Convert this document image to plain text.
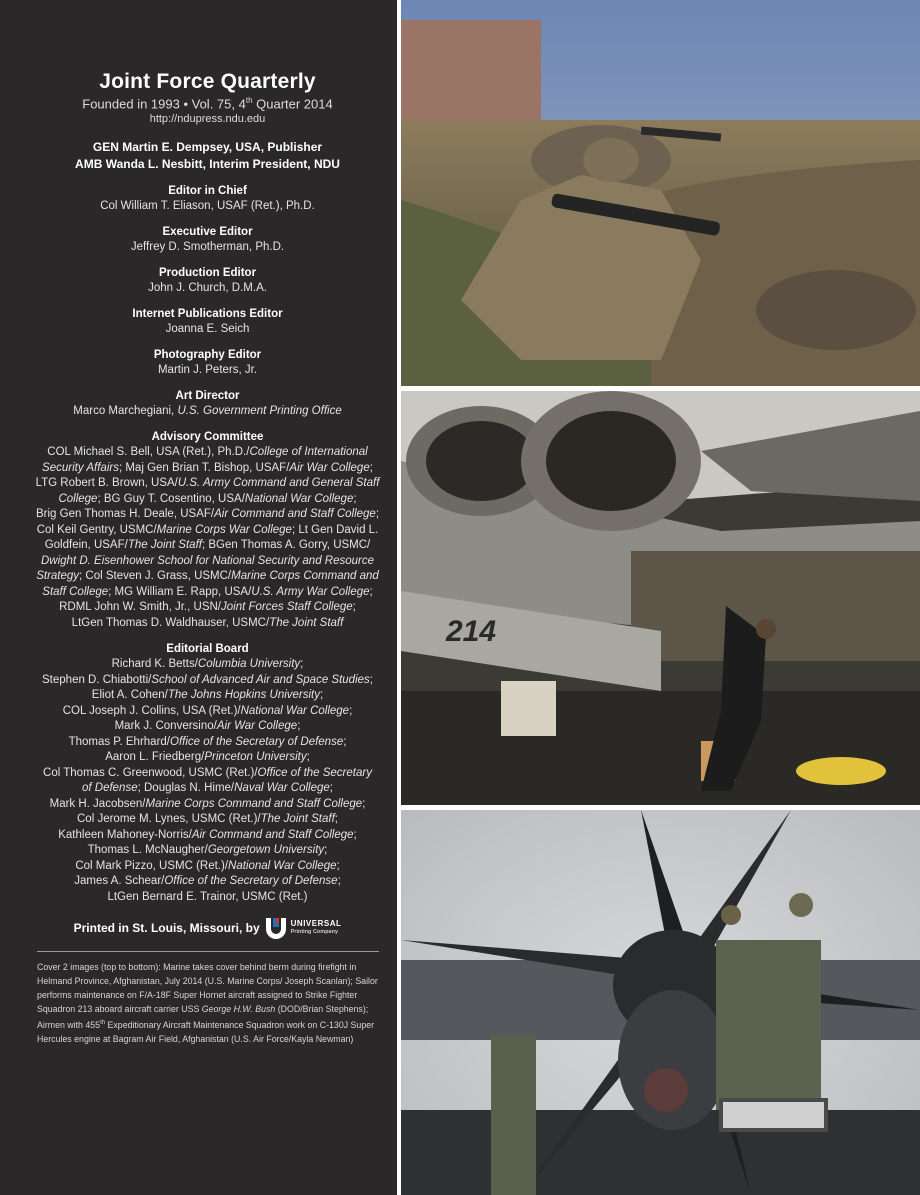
Joint Force Quarterly
Founded in 1993 • Vol. 75, 4th Quarter 2014
http://ndupress.ndu.edu
GEN Martin E. Dempsey, USA, Publisher
AMB Wanda L. Nesbitt, Interim President, NDU
Editor in Chief
Col William T. Eliason, USAF (Ret.), Ph.D.
Executive Editor
Jeffrey D. Smotherman, Ph.D.
Production Editor
John J. Church, D.M.A.
Internet Publications Editor
Joanna E. Seich
Photography Editor
Martin J. Peters, Jr.
Art Director
Marco Marchegiani, U.S. Government Printing Office
Advisory Committee
COL Michael S. Bell, USA (Ret.), Ph.D./College of International
Security Affairs; Maj Gen Brian T. Bishop, USAF/Air War College;
LTG Robert B. Brown, USA/U.S. Army Command and General Staff
College; BG Guy T. Cosentino, USA/National War College;
Brig Gen Thomas H. Deale, USAF/Air Command and Staff College;
Col Keil Gentry, USMC/Marine Corps War College; Lt Gen David L.
Goldfein, USAF/The Joint Staff; BGen Thomas A. Gorry, USMC/
Dwight D. Eisenhower School for National Security and Resource
Strategy; Col Steven J. Grass, USMC/Marine Corps Command and
Staff College; MG William E. Rapp, USA/U.S. Army War College;
RDML John W. Smith, Jr., USN/Joint Forces Staff College;
LtGen Thomas D. Waldhauser, USMC/The Joint Staff
Editorial Board
Richard K. Betts/Columbia University;
Stephen D. Chiabotti/School of Advanced Air and Space Studies;
Eliot A. Cohen/The Johns Hopkins University;
COL Joseph J. Collins, USA (Ret.)/National War College;
Mark J. Conversino/Air War College;
Thomas P. Ehrhard/Office of the Secretary of Defense;
Aaron L. Friedberg/Princeton University;
Col Thomas C. Greenwood, USMC (Ret.)/Office of the Secretary
of Defense; Douglas N. Hime/Naval War College;
Mark H. Jacobsen/Marine Corps Command and Staff College;
Col Jerome M. Lynes, USMC (Ret.)/The Joint Staff;
Kathleen Mahoney-Norris/Air Command and Staff College;
Thomas L. McNaugher/Georgetown University;
Col Mark Pizzo, USMC (Ret.)/National War College;
James A. Schear/Office of the Secretary of Defense;
LtGen Bernard E. Trainor, USMC (Ret.)
Printed in St. Louis, Missouri, by	UNIVERSAL
Printing Company
Cover 2 images (top to bottom): Marine takes cover behind berm during firefight in Helmand Province, Afghanistan, July 2014 (U.S. Marine Corps/ Joseph Scanlan); Sailor performs maintenance on F/A-18F Super Hornet aircraft assigned to Strike Fighter Squadron 213 aboard aircraft carrier USS George H.W. Bush (DOD/Brian Stephens); Airmen with 455th Expeditionary Aircraft Maintenance Squadron work on C-130J Super Hercules engine at Bagram Air Field, Afghanistan (U.S. Air Force/Kayla Newman)
214
